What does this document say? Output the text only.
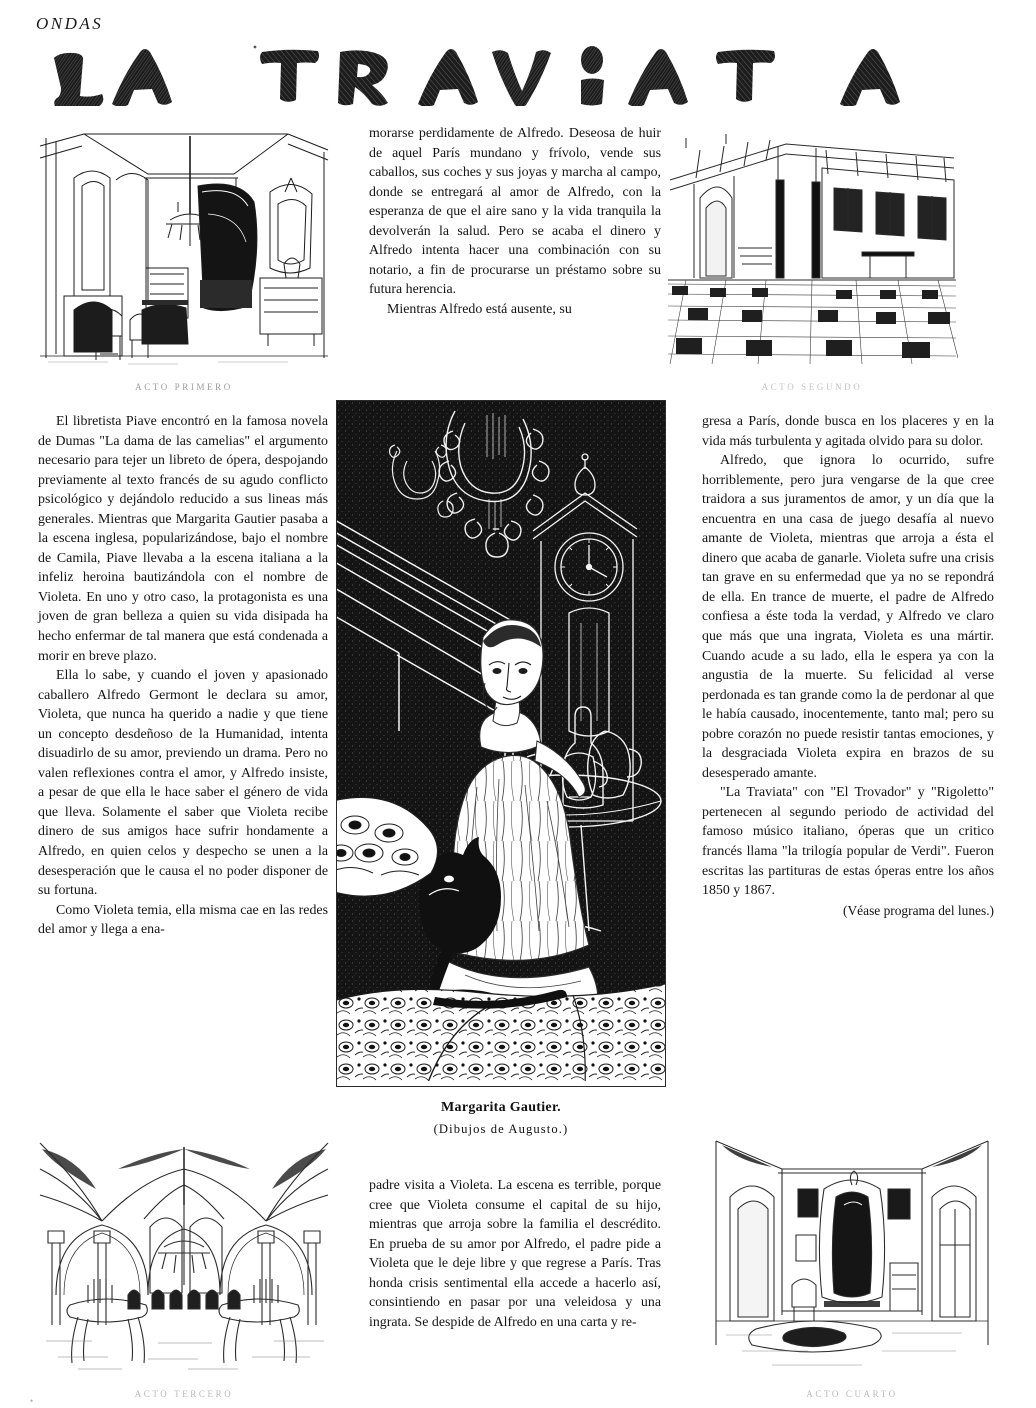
ONDAS
ACTO PRIMERO	ACTO SEGUNDO

morarse perdidamente de Alfredo. Deseosa de huir de aquel París mundano y frívolo, vende sus caballos, sus coches y sus joyas y marcha al campo, donde se entregará al amor de Alfredo, con la esperanza de que el aire sano y la vida tranquila la devolverán la salud. Pero se acaba el dinero y Alfredo intenta hacer una combinación con su notario, a fin de procurarse un préstamo sobre su futura herencia.

Mientras Alfredo está ausente, su

El libretista Piave encontró en la famosa novela de Dumas "La dama de las camelias" el argumento necesario para tejer un libreto de ópera, despojando previamente al texto francés de su agudo conflicto psicológico y dejándolo reducido a sus lineas más generales. Mientras que Margarita Gautier pasaba a la escena inglesa, popularizándose, bajo el nombre de Camila, Piave llevaba a la escena italiana a la infeliz heroina bautizándola con el nombre de Violeta. En uno y otro caso, la protagonista es una joven de gran belleza a quien su vida disipada ha hecho enfermar de tal manera que está condenada a morir en breve plazo.

Ella lo sabe, y cuando el joven y apasionado caballero Alfredo Germont le declara su amor, Violeta, que nunca ha querido a nadie y que tiene un concepto desdeñoso de la Humanidad, intenta disuadirlo de su amor, previendo un drama. Pero no valen reflexiones contra el amor, y Alfredo insiste, a pesar de que ella le hace saber el género de vida que lleva. Solamente el saber que Violeta recibe dinero de sus amigos hace sufrir hondamente a Alfredo, en quien celos y despecho se unen a la desesperación que le causa el no poder disponer de su fortuna.

Como Violeta temia, ella misma cae en las redes del amor y llega a ena-

gresa a París, donde busca en los placeres y en la vida más turbulenta y agitada olvido para su dolor.

Alfredo, que ignora lo ocurrido, sufre horriblemente, pero jura vengarse de la que cree traidora a sus juramentos de amor, y un día que la encuentra en una casa de juego desafía al nuevo amante de Violeta, mientras que arroja a ésta el dinero que acaba de ganarle. Violeta sufre una crisis tan grave en su enfermedad que ya no se repondrá de ella. En trance de muerte, el padre de Alfredo confiesa a éste toda la verdad, y Alfredo ve claro que más que una ingrata, Violeta es una mártir. Cuando acude a su lado, ella le espera ya con la angustia de la muerte. Su felicidad al verse perdonada es tan grande como la de perdonar al que le había causado, inocentemente, tanto mal; pero su pobre corazón no puede resistir tantas emociones, y la desgraciada Violeta expira en brazos de su desesperado amante.

"La Traviata" con "El Trovador" y "Rigoletto" pertenecen al segundo periodo de actividad del famoso músico italiano, óperas que un critico francés llama "la trilogía popular de Verdi". Fueron escritas las partituras de estas óperas entre los años 1850 y 1867.

(Véase programa del lunes.)

Margarita Gautier.
(Dibujos de Augusto.)
ACTO TERCERO

padre visita a Violeta. La escena es terrible, porque cree que Violeta consume el capital de su hijo, mientras que arroja sobre la familia el descrédito. En prueba de su amor por Alfredo, el padre pide a Violeta que le deje libre y que regrese a París. Tras honda crisis sentimental ella accede a hacerlo así, consintiendo en pasar por una veleidosa y una ingrata. Se despide de Alfredo en una carta y re-

ACTO CUARTO
•
